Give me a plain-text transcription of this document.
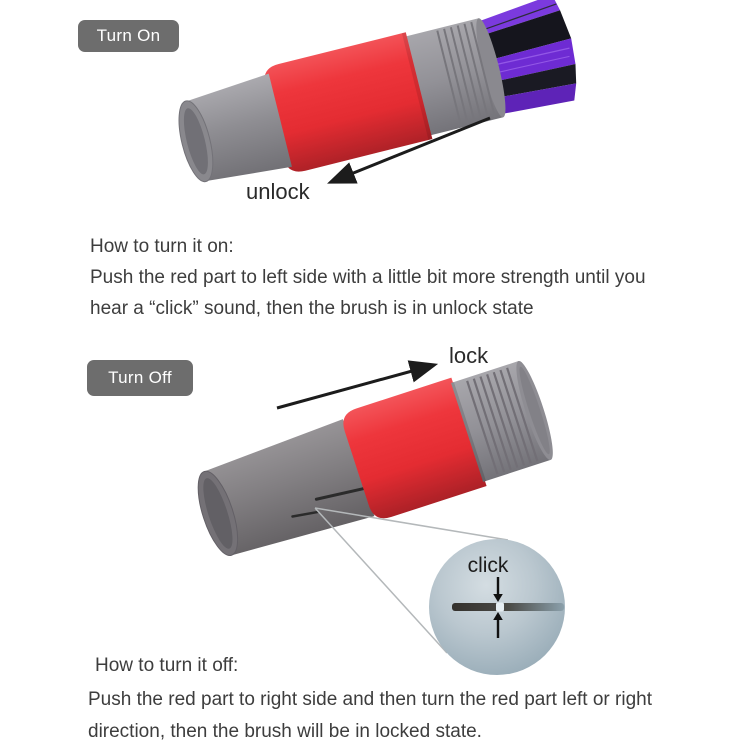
click
Turn On
unlock
How to turn it on:
Push the red part to left side with a little bit more strength until you
hear a “click” sound, then the brush is in unlock state
Turn Off
lock
How to turn it off:
Push the red part to right side and then turn the red part left or right
direction, then the brush will be in locked state.
